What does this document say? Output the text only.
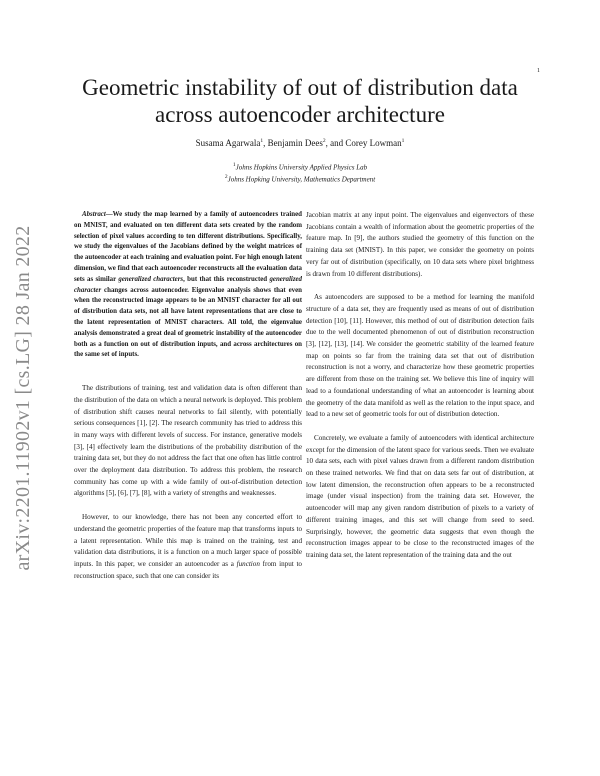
1
arXiv:2201.11902v1 [cs.LG] 28 Jan 2022
Geometric instability of out of distribution data across autoencoder architecture
Susama Agarwala$^1$, Benjamin Dees$^2$, and Corey Lowman$^1$
$^1$Johns Hopkins University Applied Physics Lab
$^2$Johns Hopking University, Mathematics Department
Abstract—We study the map learned by a family of autoencoders trained on MNIST, and evaluated on ten different data sets created by the random selection of pixel values according to ten different distributions. Specifically, we study the eigenvalues of the Jacobians defined by the weight matrices of the autoencoder at each training and evaluation point. For high enough latent dimension, we find that each autoencoder reconstructs all the evaluation data sets as similar generalized characters, but that this reconstructed generalized character changes across autoencoder. Eigenvalue analysis shows that even when the reconstructed image appears to be an MNIST character for all out of distribution data sets, not all have latent representations that are close to the latent representation of MNIST characters. All told, the eigenvalue analysis demonstrated a great deal of geometric instability of the autoencoder both as a function on out of distribution inputs, and across architectures on the same set of inputs.

The distributions of training, test and validation data is often different than the distribution of the data on which a neural network is deployed. This problem of distribution shift causes neural networks to fail silently, with potentially serious consequences [1], [2]. The research community has tried to address this in many ways with different levels of success. For instance, generative models [3], [4] effectively learn the distributions of the probability distribution of the training data set, but they do not address the fact that one often has little control over the deployment data distribution. To address this problem, the research community has come up with a wide family of out-of-distribution detection algorithms [5], [6], [7], [8], with a variety of strengths and weaknesses.

However, to our knowledge, there has not been any concerted effort to understand the geometric properties of the feature map that transforms inputs to a latent representation. While this map is trained on the training, test and validation data distributions, it is a function on a much larger space of possible inputs. In this paper, we consider an autoencoder as a function from input to reconstruction space, such that one can consider its

Jacobian matrix at any input point. The eigenvalues and eigenvectors of these Jacobians contain a wealth of information about the geometric properties of the feature map. In [9], the authors studied the geometry of this function on the training data set (MNIST). In this paper, we consider the geometry on points very far out of distribution (specifically, on 10 data sets where pixel brightness is drawn from 10 different distributions).

As autoencoders are supposed to be a method for learning the manifold structure of a data set, they are frequently used as means of out of distribution detection [10], [11]. However, this method of out of distribution detection fails due to the well documented phenomenon of out of distribution reconstruction [3], [12], [13], [14]. We consider the geometric stability of the learned feature map on points so far from the training data set that out of distribution reconstruction is not a worry, and characterize how these geometric properties are different from those on the training set. We believe this line of inquiry will lead to a foundational understanding of what an autoencoder is learning about the geometry of the data manifold as well as the relation to the input space, and lead to a new set of geometric tools for out of distribution detection.

Concretely, we evaluate a family of autoencoders with identical architecture except for the dimension of the latent space for various seeds. Then we evaluate 10 data sets, each with pixel values drawn from a different random distribution on these trained networks. We find that on data sets far out of distribution, at low latent dimension, the reconstruction often appears to be a reconstructed image (under visual inspection) from the training data set. However, the autoencoder will map any given random distribution of pixels to a variety of different training images, and this set will change from seed to seed. Surprisingly, however, the geometric data suggests that even though the reconstruction images appear to be close to the reconstructed images of the training data set, the latent representation of the training data and the out
